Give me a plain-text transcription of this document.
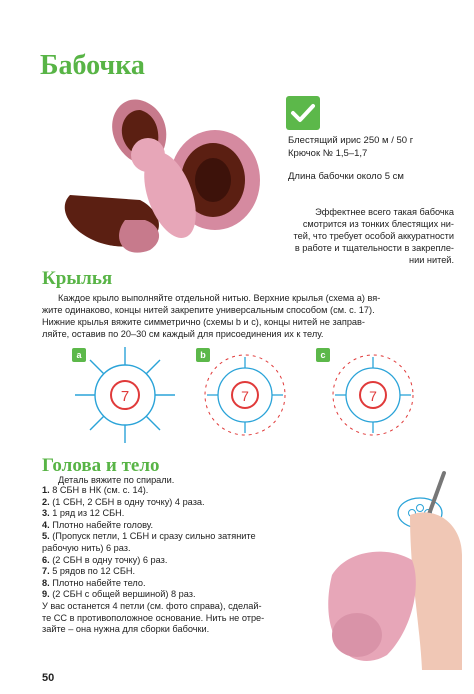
Бабочка
Блестящий ирис 250 м / 50 г
Крючок № 1,5–1,7
Длина бабочки около 5 см
Эффектнее всего такая бабочка
смотрится из тонких блестящих ни-
тей, что требует особой аккуратности
в работе и тщательности в закрепле-
нии нитей.
Крылья
Каждое крыло выполняйте отдельной нитью. Верхние крылья (схема a) вя-
жите одинаково, концы нитей закрепите универсальным способом (см. с. 17).
Нижние крылья вяжите симметрично (схемы b и c), концы нитей не заправ-
ляйте, оставив по 20–30 см каждый для присоединения их к телу.
a
7
b
7
c
7
Голова и тело
Деталь вяжите по спирали.
1. 8 СБН в НК (см. с. 14).
2. (1 СБН, 2 СБН в одну точку) 4 раза.
3. 1 ряд из 12 СБН.
4. Плотно набейте голову.
5. (Пропуск петли, 1 СБН и сразу сильно затяните
рабочую нить) 6 раз.
6. (2 СБН в одну точку) 6 раз.
7. 5 рядов по 12 СБН.
8. Плотно набейте тело.
9. (2 СБН с общей вершиной) 8 раз.
У вас останется 4 петли (см. фото справа), сделай-
те СС в противоположное основание. Нить не отре-
зайте – она нужна для сборки бабочки.
50
